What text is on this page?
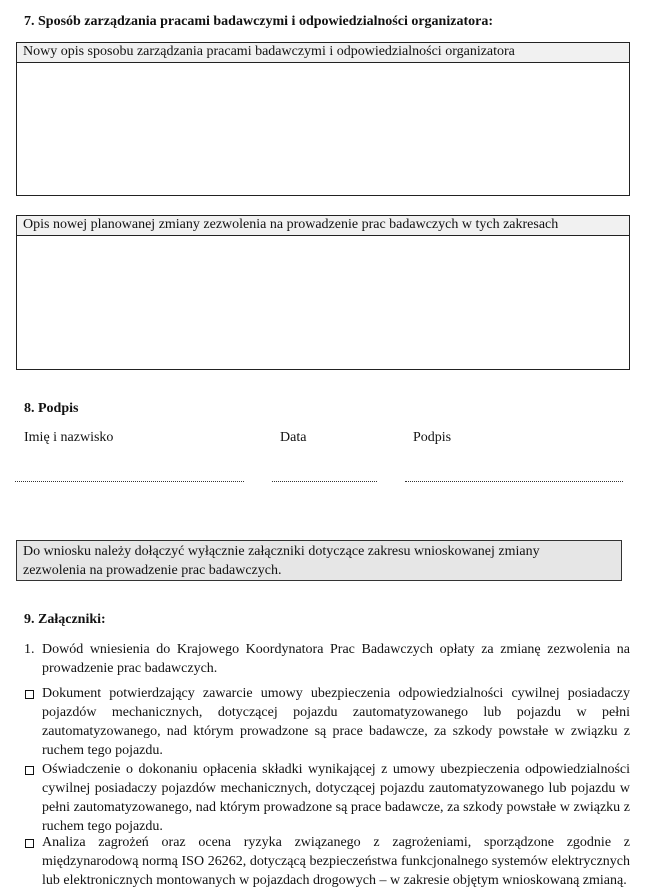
7. Sposób zarządzania pracami badawczymi i odpowiedzialności organizatora:
Nowy opis sposobu zarządzania pracami badawczymi i odpowiedzialności organizatora
Opis nowej planowanej zmiany zezwolenia na prowadzenie prac badawczych w tych zakresach
8. Podpis
Imię i nazwisko	Data	Podpis
Do wniosku należy dołączyć wyłącznie załączniki dotyczące zakresu wnioskowanej zmiany
zezwolenia na prowadzenie prac badawczych.
9. Załączniki:
1. Dowód wniesienia do Krajowego Koordynatora Prac Badawczych opłaty za zmianę zezwolenia na prowadzenie prac badawczych.
Dokument potwierdzający zawarcie umowy ubezpieczenia odpowiedzialności cywilnej posiadaczy pojazdów mechanicznych, dotyczącej pojazdu zautomatyzowanego lub pojazdu w pełni zautomatyzowanego, nad którym prowadzone są prace badawcze, za szkody powstałe w związku z ruchem tego pojazdu.
Oświadczenie o dokonaniu opłacenia składki wynikającej z umowy ubezpieczenia odpowiedzialności cywilnej posiadaczy pojazdów mechanicznych, dotyczącej pojazdu zautomatyzowanego lub pojazdu w pełni zautomatyzowanego, nad którym prowadzone są prace badawcze, za szkody powstałe w związku z ruchem tego pojazdu.
Analiza zagrożeń oraz ocena ryzyka związanego z zagrożeniami, sporządzone zgodnie z międzynarodową normą ISO 26262, dotyczącą bezpieczeństwa funkcjonalnego systemów elektrycznych lub elektronicznych montowanych w pojazdach drogowych – w zakresie objętym wnioskowaną zmianą.
